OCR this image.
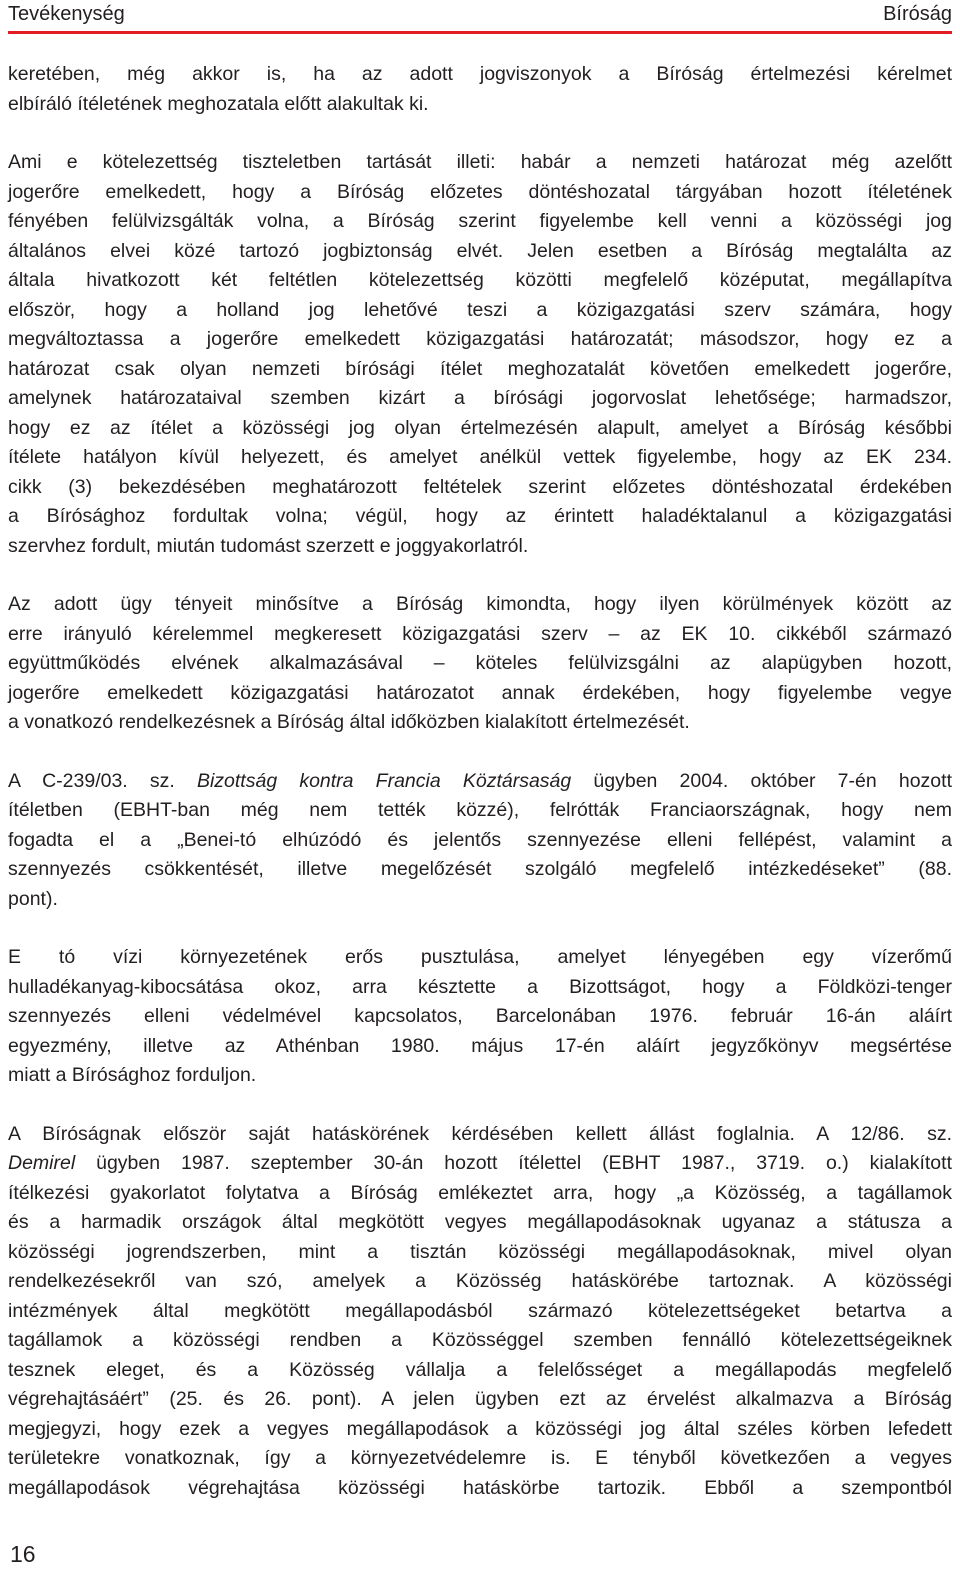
Tevékenység	Bíróság
keretében, még akkor is, ha az adott jogviszonyok a Bíróság értelmezési kérelmet
elbíráló ítéletének meghozatala előtt alakultak ki.
Ami e kötelezettség tiszteletben tartását illeti: habár a nemzeti határozat még azelőtt
jogerőre emelkedett, hogy a Bíróság előzetes döntéshozatal tárgyában hozott ítéletének
fényében felülvizsgálták volna, a Bíróság szerint figyelembe kell venni a közösségi jog
általános elvei közé tartozó jogbiztonság elvét. Jelen esetben a Bíróság megtalálta az
általa hivatkozott két feltétlen kötelezettség közötti megfelelő középutat, megállapítva
először, hogy a holland jog lehetővé teszi a közigazgatási szerv számára, hogy
megváltoztassa a jogerőre emelkedett közigazgatási határozatát; másodszor, hogy ez a
határozat csak olyan nemzeti bírósági ítélet meghozatalát követően emelkedett jogerőre,
amelynek határozataival szemben kizárt a bírósági jogorvoslat lehetősége; harmadszor,
hogy ez az ítélet a közösségi jog olyan értelmezésén alapult, amelyet a Bíróság későbbi
ítélete hatályon kívül helyezett, és amelyet anélkül vettek figyelembe, hogy az EK 234.
cikk (3) bekezdésében meghatározott feltételek szerint előzetes döntéshozatal érdekében
a Bírósághoz fordultak volna; végül, hogy az érintett haladéktalanul a közigazgatási
szervhez fordult, miután tudomást szerzett e joggyakorlatról.
Az adott ügy tényeit minősítve a Bíróság kimondta, hogy ilyen körülmények között az
erre irányuló kérelemmel megkeresett közigazgatási szerv – az EK 10. cikkéből származó
együttműködés elvének alkalmazásával – köteles felülvizsgálni az alapügyben hozott,
jogerőre emelkedett közigazgatási határozatot annak érdekében, hogy figyelembe vegye
a vonatkozó rendelkezésnek a Bíróság által időközben kialakított értelmezését.
A C-239/03. sz. Bizottság kontra Francia Köztársaság ügyben 2004. október 7-én hozott
ítéletben (EBHT-ban még nem tették közzé), felrótták Franciaországnak, hogy nem
fogadta el a „Benei-tó elhúzódó és jelentős szennyezése elleni fellépést, valamint a
szennyezés csökkentését, illetve megelőzését szolgáló megfelelő intézkedéseket” (88.
pont).
E tó vízi környezetének erős pusztulása, amelyet lényegében egy vízerőmű
hulladékanyag-kibocsátása okoz, arra késztette a Bizottságot, hogy a Földközi-tenger
szennyezés elleni védelmével kapcsolatos, Barcelonában 1976. február 16-án aláírt
egyezmény, illetve az Athénban 1980. május 17-én aláírt jegyzőkönyv megsértése
miatt a Bírósághoz forduljon.
A Bíróságnak először saját hatáskörének kérdésében kellett állást foglalnia. A 12/86. sz.
Demirel ügyben 1987. szeptember 30-án hozott ítélettel (EBHT 1987., 3719. o.) kialakított
ítélkezési gyakorlatot folytatva a Bíróság emlékeztet arra, hogy „a Közösség, a tagállamok
és a harmadik országok által megkötött vegyes megállapodásoknak ugyanaz a státusza a
közösségi jogrendszerben, mint a tisztán közösségi megállapodásoknak, mivel olyan
rendelkezésekről van szó, amelyek a Közösség hatáskörébe tartoznak. A közösségi
intézmények által megkötött megállapodásból származó kötelezettségeket betartva a
tagállamok a közösségi rendben a Közösséggel szemben fennálló kötelezettségeiknek
tesznek eleget, és a Közösség vállalja a felelősséget a megállapodás megfelelő
végrehajtásáért” (25. és 26. pont). A jelen ügyben ezt az érvelést alkalmazva a Bíróság
megjegyzi, hogy ezek a vegyes megállapodások a közösségi jog által széles körben lefedett
területekre vonatkoznak, így a környezetvédelemre is. E tényből következően a vegyes
megállapodások végrehajtása közösségi hatáskörbe tartozik. Ebből a szempontból
16
